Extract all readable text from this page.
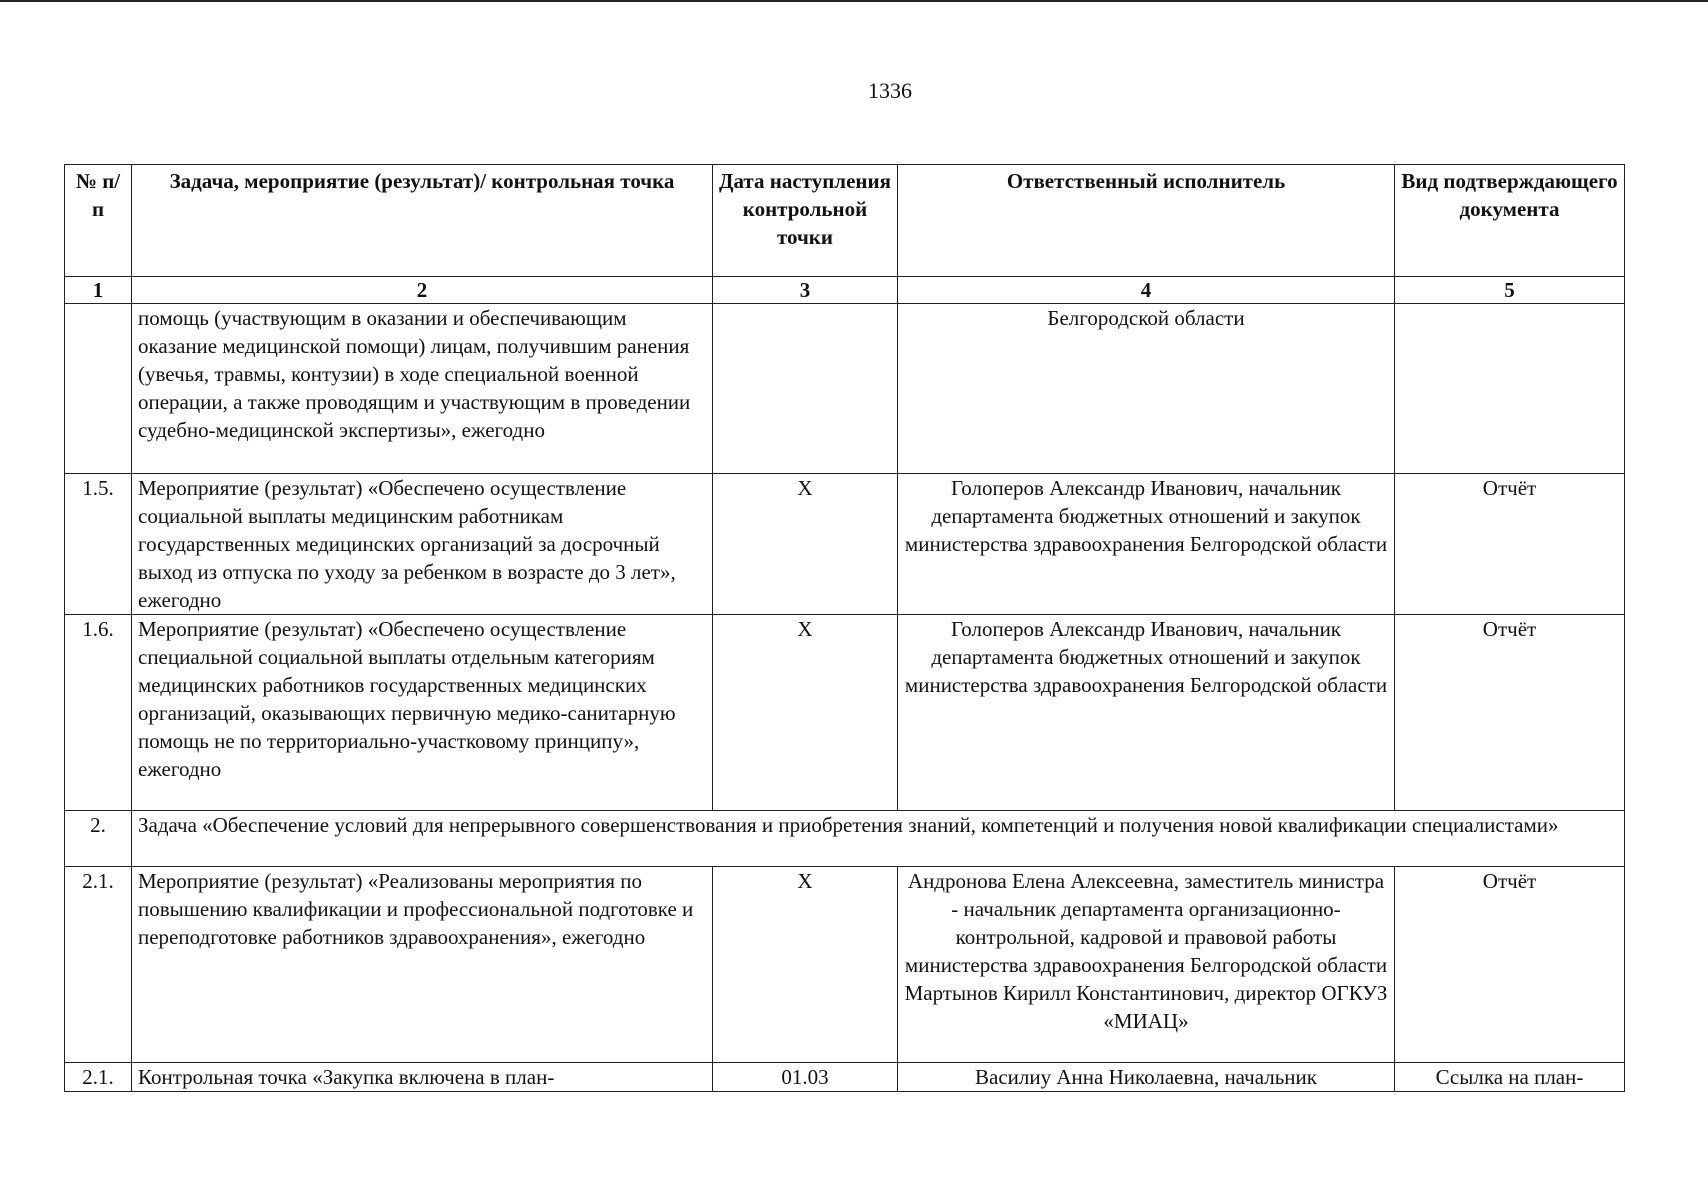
1336
№ п/п	Задача, мероприятие (результат)/ контрольная точка	Дата наступления контрольной точки	Ответственный исполнитель	Вид подтверждающего документа
1	2	3	4	5
	помощь (участвующим в оказании и обеспечивающим оказание медицинской помощи) лицам, получившим ранения (увечья, травмы, контузии) в ходе специальной военной операции, а также проводящим и участвующим в проведении судебно-медицинской экспертизы», ежегодно		Белгородской области	
1.5.	Мероприятие (результат) «Обеспечено осуществление социальной выплаты медицинским работникам государственных медицинских организаций за досрочный выход из отпуска по уходу за ребенком в возрасте до 3 лет», ежегодно	Х	Голоперов Александр Иванович, начальник департамента бюджетных отношений и закупок министерства здравоохранения Белгородской области	Отчёт
1.6.	Мероприятие (результат) «Обеспечено осуществление специальной социальной выплаты отдельным категориям медицинских работников государственных медицинских организаций, оказывающих первичную медико-санитарную помощь не по территориально-участковому принципу», ежегодно	Х	Голоперов Александр Иванович, начальник департамента бюджетных отношений и закупок министерства здравоохранения Белгородской области	Отчёт
2.	Задача «Обеспечение условий для непрерывного совершенствования и приобретения знаний, компетенций и получения новой квалификации специалистами»			
2.1.	Мероприятие (результат) «Реализованы мероприятия по повышению квалификации и профессиональной подготовке и переподготовке работников здравоохранения», ежегодно	Х	Андронова Елена Алексеевна, заместитель министра - начальник департамента организационно-контрольной, кадровой и правовой работы министерства здравоохранения Белгородской области Мартынов Кирилл Константинович, директор ОГКУЗ «МИАЦ»	Отчёт
2.1.	Контрольная точка «Закупка включена в план-	01.03	Василиу Анна Николаевна, начальник	Ссылка на план-
